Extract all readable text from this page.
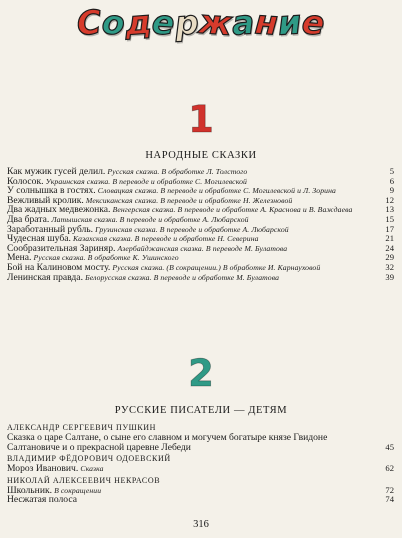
Содержание
1
НАРОДНЫЕ СКАЗКИ
Как мужик гусей делил. Русская сказка. В обработке Л. Толстого	5
Колосок. Украинская сказка. В переводе и обработке С. Могилевской	6
У солнышка в гостях. Словацкая сказка. В переводе и обработке С. Могилевской и Л. Зорина	9
Вежливый кролик. Мексиканская сказка. В переводе и обработке Н. Железновой	12
Два жадных медвежонка. Венгерская сказка. В переводе и обработке А. Краснова и В. Важдаева	13
Два брата. Латышская сказка. В переводе и обработке А. Любарской	15
Заработанный рубль. Грузинская сказка. В переводе и обработке А. Любарской	17
Чудесная шуба. Казахская сказка. В переводе и обработке Н. Северина	21
Сообразительная Зариняр. Азербайджанская сказка. В переводе М. Булатова	24
Мена. Русская сказка. В обработке К. Ушинского	29
Бой на Калиновом мосту. Русская сказка. (В сокращении.) В обработке И. Карнауховой	32
Ленинская правда. Белорусская сказка. В переводе и обработке М. Булатова	39
2
РУССКИЕ ПИСАТЕЛИ — ДЕТЯМ
АЛЕКСАНДР СЕРГЕЕВИЧ ПУШКИН
Сказка о царе Салтане, о сыне его славном и могучем богатыре князе Гвидоне Салтановиче и о прекрасной царевне Лебеди	45
ВЛАДИМИР ФЁДОРОВИЧ ОДОЕВСКИЙ
Мороз Иванович. Сказка	62
НИКОЛАЙ АЛЕКСЕЕВИЧ НЕКРАСОВ
Школьник. В сокращении	72
Несжатая полоса	74
316
